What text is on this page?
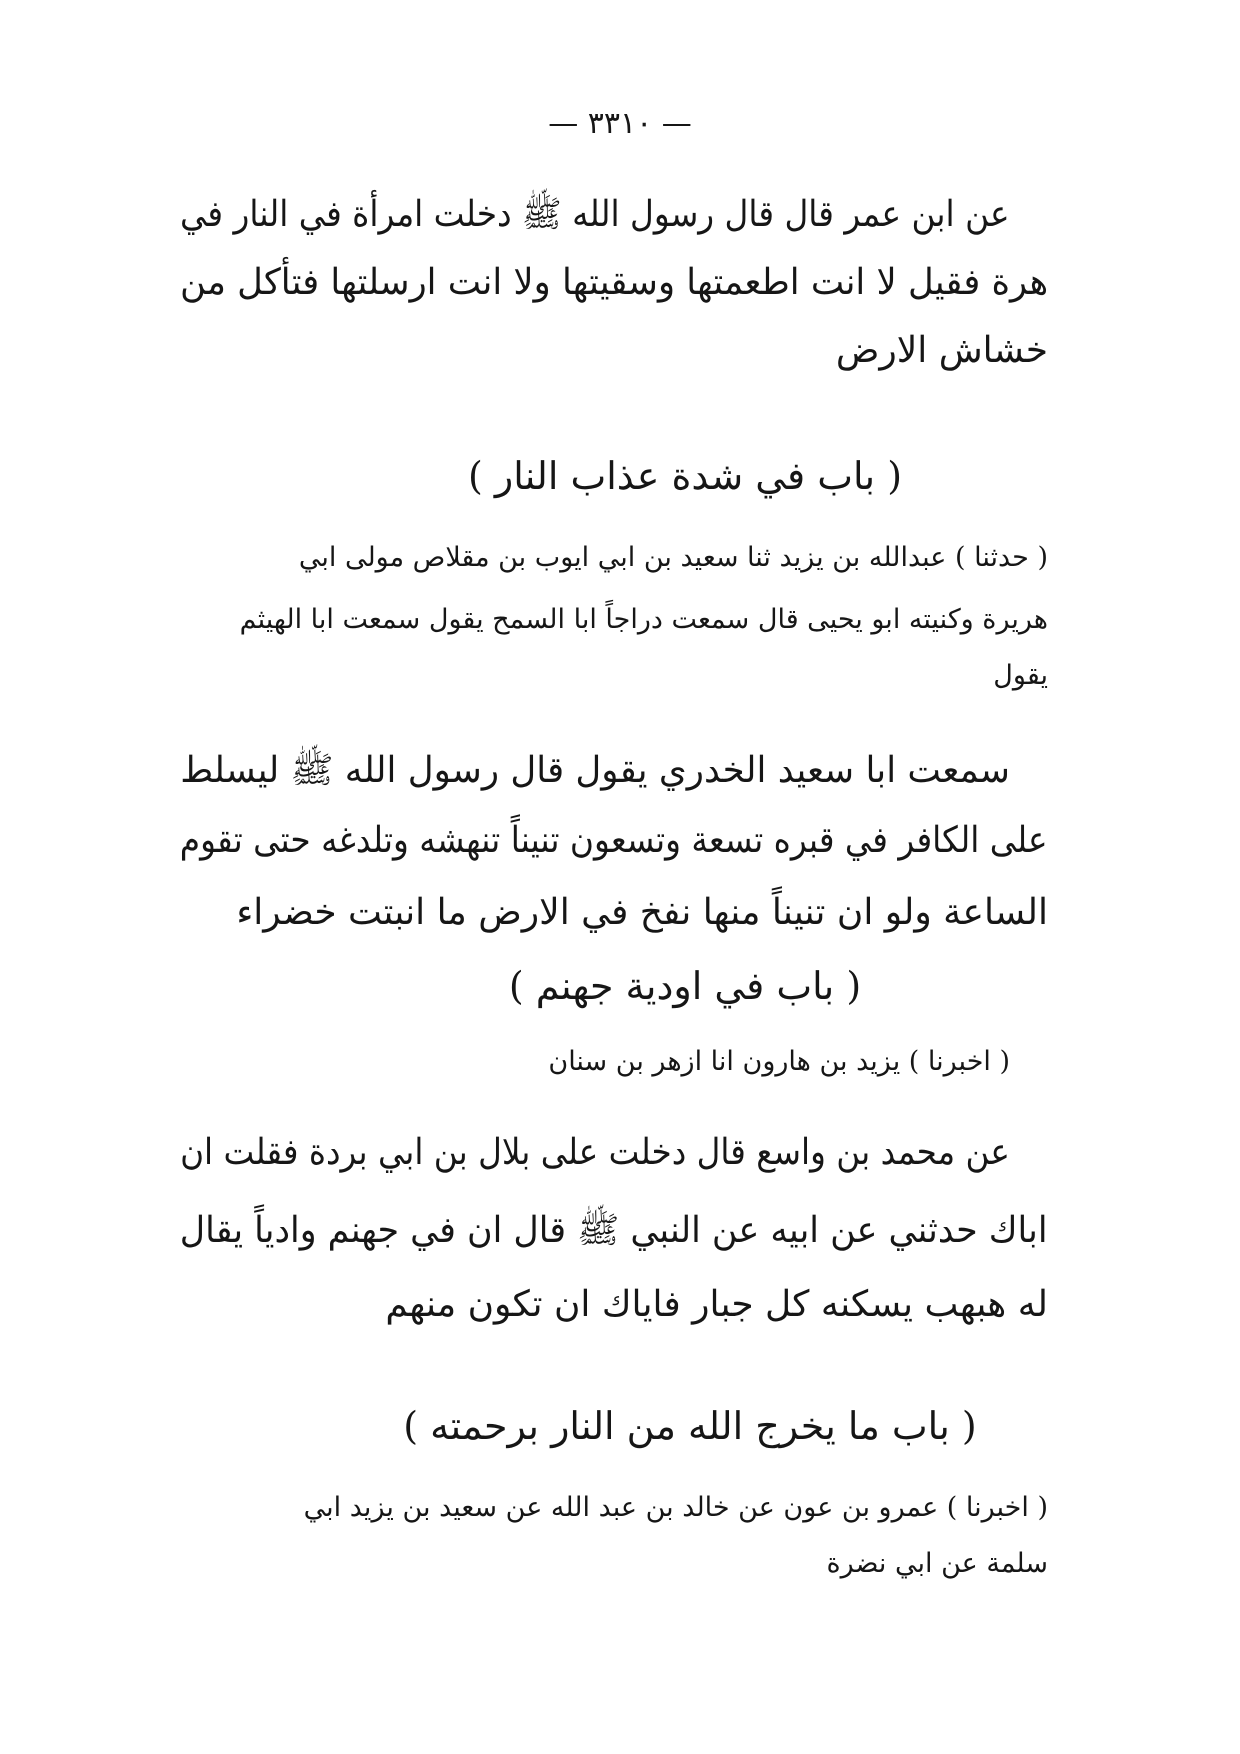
— ٣٣١٠ —
عن ابن عمر قال قال رسول الله ﷺ دخلت امرأة في النار في
هرة فقيل لا انت اطعمتها وسقيتها ولا انت ارسلتها فتأكل من
خشاش الارض
( باب في شدة عذاب النار )
( حدثنا ) عبدالله بن يزيد ثنا سعيد بن ابي ايوب بن مقلاص مولى ابي
هريرة وكنيته ابو يحيى قال سمعت دراجاً ابا السمح يقول سمعت ابا الهيثم
يقول
سمعت ابا سعيد الخدري يقول قال رسول الله ﷺ ليسلط
على الكافر في قبره تسعة وتسعون تنيناً تنهشه وتلدغه حتى تقوم
الساعة ولو ان تنيناً منها نفخ في الارض ما انبتت خضراء
( باب في اودية جهنم )
( اخبرنا ) يزيد بن هارون انا ازهر بن سنان
عن محمد بن واسع قال دخلت على بلال بن ابي بردة فقلت ان
اباك حدثني عن ابيه عن النبي ﷺ قال ان في جهنم وادياً يقال
له هبهب يسكنه كل جبار فاياك ان تكون منهم
( باب ما يخرج الله من النار برحمته )
( اخبرنا ) عمرو بن عون عن خالد بن عبد الله عن سعيد بن يزيد ابي
سلمة عن ابي نضرة
